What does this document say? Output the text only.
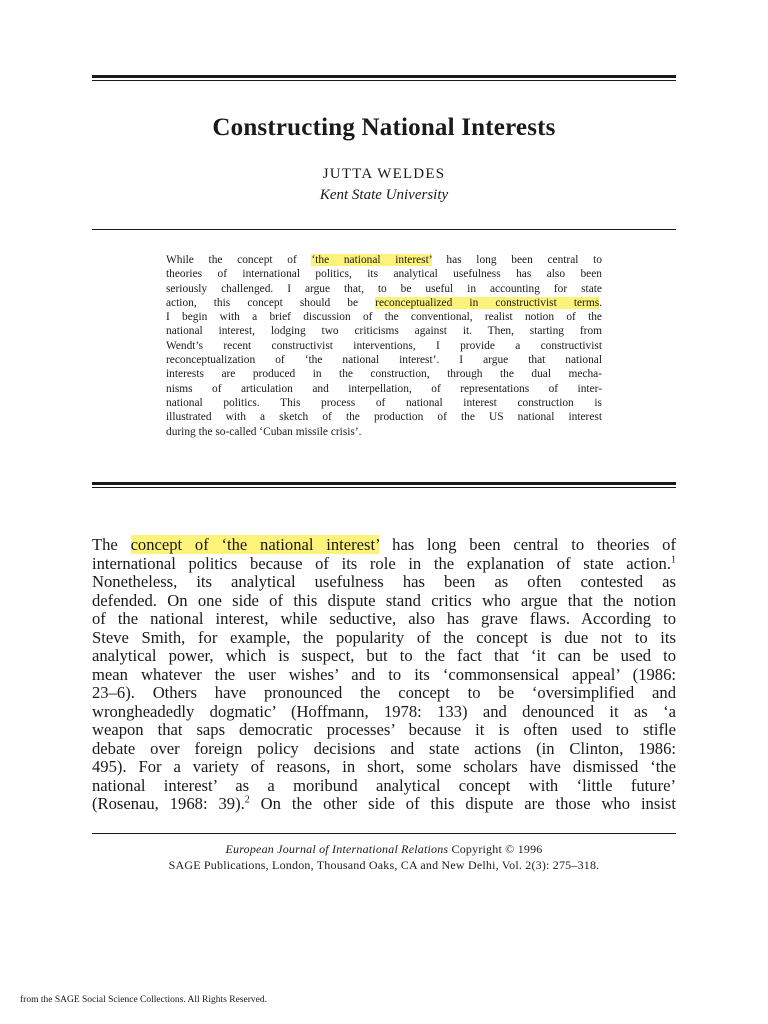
Constructing National Interests
JUTTA WELDES
Kent State University
While the concept of ‘the national interest’ has long been central to
theories of international politics, its analytical usefulness has also been
seriously challenged. I argue that, to be useful in accounting for state
action, this concept should be reconceptualized in constructivist terms.
I begin with a brief discussion of the conventional, realist notion of the
national interest, lodging two criticisms against it. Then, starting from
Wendt’s recent constructivist interventions, I provide a constructivist
reconceptualization of ‘the national interest’. I argue that national
interests are produced in the construction, through the dual mecha-
nisms of articulation and interpellation, of representations of inter-
national politics. This process of national interest construction is
illustrated with a sketch of the production of the US national interest
during the so-called ‘Cuban missile crisis’.
The concept of ‘the national interest’ has long been central to theories of
international politics because of its role in the explanation of state action.$^1$
Nonetheless, its analytical usefulness has been as often contested as
defended. On one side of this dispute stand critics who argue that the notion
of the national interest, while seductive, also has grave flaws. According to
Steve Smith, for example, the popularity of the concept is due not to its
analytical power, which is suspect, but to the fact that ‘it can be used to
mean whatever the user wishes’ and to its ‘commonsensical appeal’ (1986:
23–6). Others have pronounced the concept to be ‘oversimplified and
wrongheadedly dogmatic’ (Hoffmann, 1978: 133) and denounced it as ‘a
weapon that saps democratic processes’ because it is often used to stifle
debate over foreign policy decisions and state actions (in Clinton, 1986:
495). For a variety of reasons, in short, some scholars have dismissed ‘the
national interest’ as a moribund analytical concept with ‘little future’
(Rosenau, 1968: 39).$^2$ On the other side of this dispute are those who insist
European Journal of International Relations Copyright © 1996
SAGE Publications, London, Thousand Oaks, CA and New Delhi, Vol. 2(3): 275–318.
from the SAGE Social Science Collections. All Rights Reserved.
